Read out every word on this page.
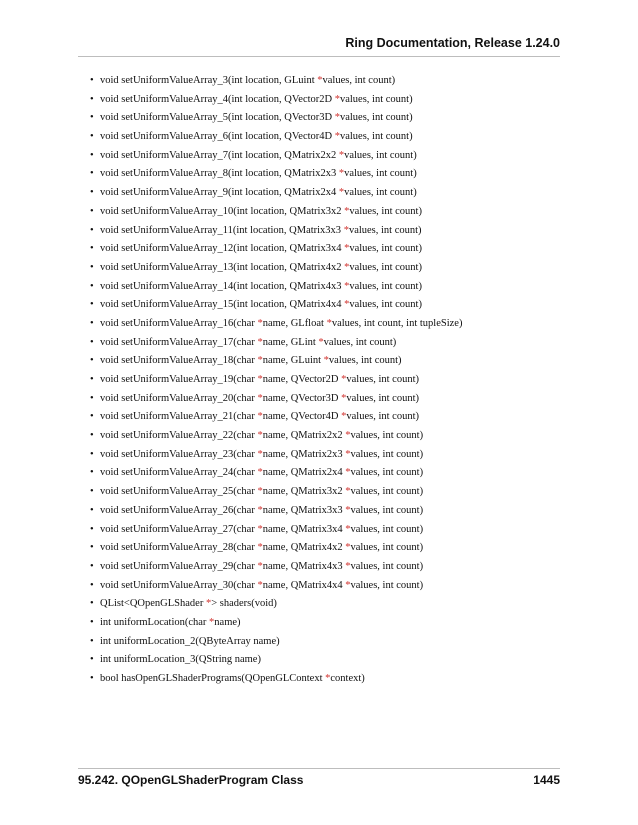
Ring Documentation, Release 1.24.0
• void setUniformValueArray_3(int location, GLuint *values, int count)
• void setUniformValueArray_4(int location, QVector2D *values, int count)
• void setUniformValueArray_5(int location, QVector3D *values, int count)
• void setUniformValueArray_6(int location, QVector4D *values, int count)
• void setUniformValueArray_7(int location, QMatrix2x2 *values, int count)
• void setUniformValueArray_8(int location, QMatrix2x3 *values, int count)
• void setUniformValueArray_9(int location, QMatrix2x4 *values, int count)
• void setUniformValueArray_10(int location, QMatrix3x2 *values, int count)
• void setUniformValueArray_11(int location, QMatrix3x3 *values, int count)
• void setUniformValueArray_12(int location, QMatrix3x4 *values, int count)
• void setUniformValueArray_13(int location, QMatrix4x2 *values, int count)
• void setUniformValueArray_14(int location, QMatrix4x3 *values, int count)
• void setUniformValueArray_15(int location, QMatrix4x4 *values, int count)
• void setUniformValueArray_16(char *name, GLfloat *values, int count, int tupleSize)
• void setUniformValueArray_17(char *name, GLint *values, int count)
• void setUniformValueArray_18(char *name, GLuint *values, int count)
• void setUniformValueArray_19(char *name, QVector2D *values, int count)
• void setUniformValueArray_20(char *name, QVector3D *values, int count)
• void setUniformValueArray_21(char *name, QVector4D *values, int count)
• void setUniformValueArray_22(char *name, QMatrix2x2 *values, int count)
• void setUniformValueArray_23(char *name, QMatrix2x3 *values, int count)
• void setUniformValueArray_24(char *name, QMatrix2x4 *values, int count)
• void setUniformValueArray_25(char *name, QMatrix3x2 *values, int count)
• void setUniformValueArray_26(char *name, QMatrix3x3 *values, int count)
• void setUniformValueArray_27(char *name, QMatrix3x4 *values, int count)
• void setUniformValueArray_28(char *name, QMatrix4x2 *values, int count)
• void setUniformValueArray_29(char *name, QMatrix4x3 *values, int count)
• void setUniformValueArray_30(char *name, QMatrix4x4 *values, int count)
• QList<QOpenGLShader *> shaders(void)
• int uniformLocation(char *name)
• int uniformLocation_2(QByteArray name)
• int uniformLocation_3(QString name)
• bool hasOpenGLShaderPrograms(QOpenGLContext *context)
95.242. QOpenGLShaderProgram Class	1445
